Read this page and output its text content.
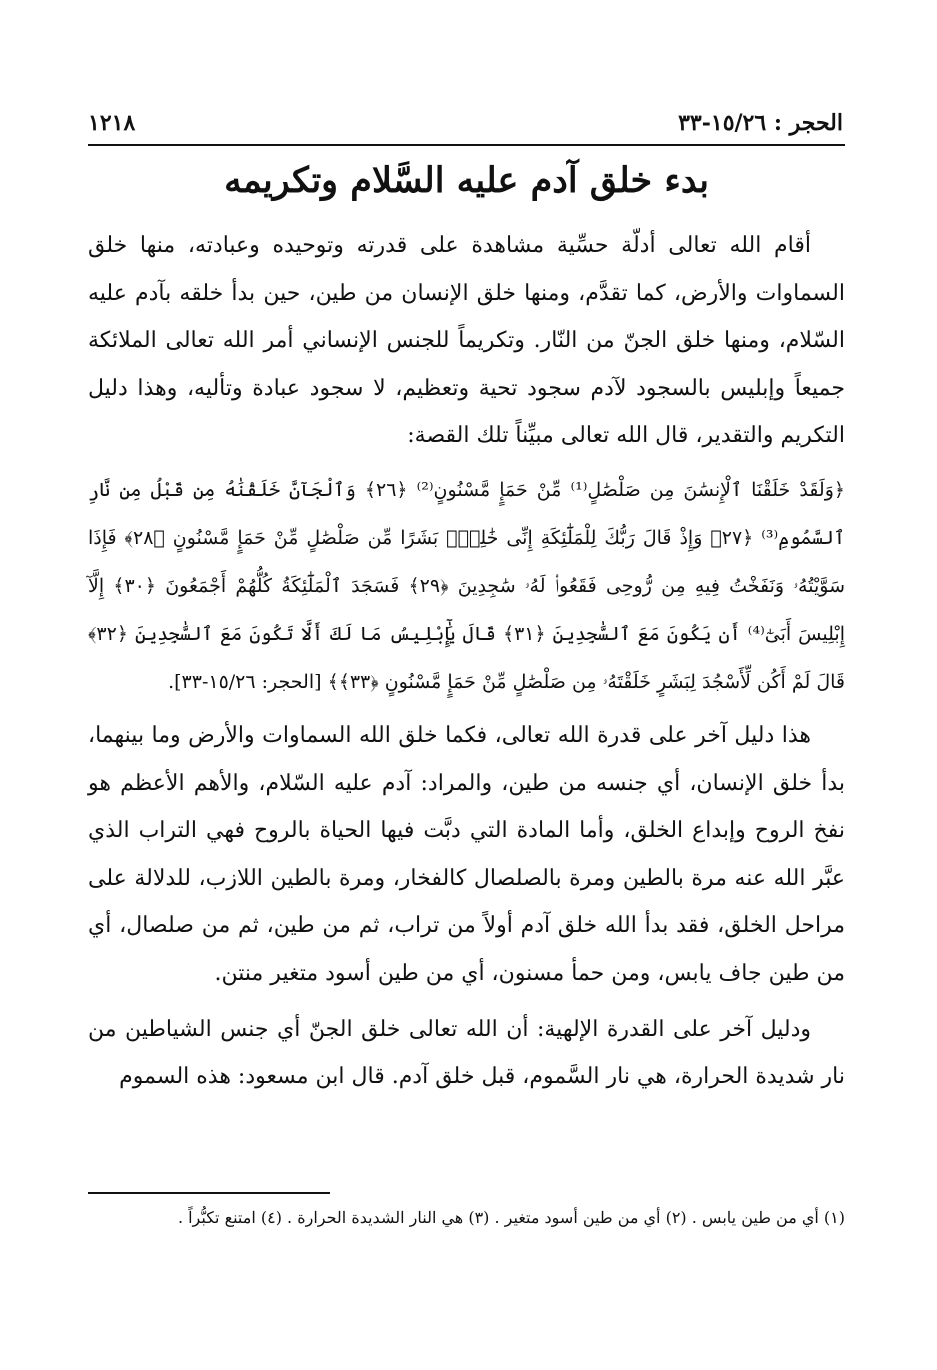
الحجر : ١٥/٢٦-٣٣
١٢١٨
بدء خلق آدم عليه السَّلام وتكريمه

أقام الله تعالى أدلّة حسِّية مشاهدة على قدرته وتوحيده وعبادته، منها خلق السماوات والأرض، كما تقدَّم، ومنها خلق الإنسان من طين، حين بدأ خلقه بآدم عليه السّلام، ومنها خلق الجنّ من النّار. وتكريماً للجنس الإنساني أمر الله تعالى الملائكة جميعاً وإبليس بالسجود لآدم سجود تحية وتعظيم، لا سجود عبادة وتأليه، وهذا دليل التكريم والتقدير، قال الله تعالى مبيِّناً تلك القصة:

﴿وَلَقَدْ خَلَقْنَا ٱلْإِنسَٰنَ مِن صَلْصَٰلٍ⁽¹⁾ مِّنْ حَمَإٍ مَّسْنُونٍ⁽²⁾ ﴿٢٦﴾ وَٱلْجَآنَّ خَلَقْنَٰهُ مِن قَبْلُ مِن نَّارِ ٱلسَّمُومِ⁽³⁾ ﴿٢٧﴾ وَإِذْ قَالَ رَبُّكَ لِلْمَلَٰٓئِكَةِ إِنِّى خَٰلِقٌۢ بَشَرًا مِّن صَلْصَٰلٍ مِّنْ حَمَإٍ مَّسْنُونٍ ﴿٢٨﴾ فَإِذَا سَوَّيْتُهُۥ وَنَفَخْتُ فِيهِ مِن رُّوحِى فَقَعُوا۟ لَهُۥ سَٰجِدِينَ ﴿٢٩﴾ فَسَجَدَ ٱلْمَلَٰٓئِكَةُ كُلُّهُمْ أَجْمَعُونَ ﴿٣٠﴾ إِلَّآ إِبْلِيسَ أَبَىٰٓ⁽⁴⁾ أَن يَكُونَ مَعَ ٱلسَّٰجِدِينَ ﴿٣١﴾ قَالَ يَٰٓإِبْلِيسُ مَا لَكَ أَلَّا تَكُونَ مَعَ ٱلسَّٰجِدِينَ ﴿٣٢﴾ قَالَ لَمْ أَكُن لِّأَسْجُدَ لِبَشَرٍ خَلَقْتَهُۥ مِن صَلْصَٰلٍ مِّنْ حَمَإٍ مَّسْنُونٍ ﴿٣٣﴾﴾ [الحجر: ١٥/٢٦-٣٣].

هذا دليل آخر على قدرة الله تعالى، فكما خلق الله السماوات والأرض وما بينهما، بدأ خلق الإنسان، أي جنسه من طين، والمراد: آدم عليه السّلام، والأهم الأعظم هو نفخ الروح وإبداع الخلق، وأما المادة التي دبَّت فيها الحياة بالروح فهي التراب الذي عبَّر الله عنه مرة بالطين ومرة بالصلصال كالفخار، ومرة بالطين اللازب، للدلالة على مراحل الخلق، فقد بدأ الله خلق آدم أولاً من تراب، ثم من طين، ثم من صلصال، أي من طين جاف يابس، ومن حمأ مسنون، أي من طين أسود متغير منتن.

ودليل آخر على القدرة الإلهية: أن الله تعالى خلق الجنّ أي جنس الشياطين من نار شديدة الحرارة، هي نار السَّموم، قبل خلق آدم. قال ابن مسعود: هذه السموم

(١) أي من طين يابس . (٢) أي من طين أسود متغير . (٣) هي النار الشديدة الحرارة . (٤) امتنع تكبُّراً .
